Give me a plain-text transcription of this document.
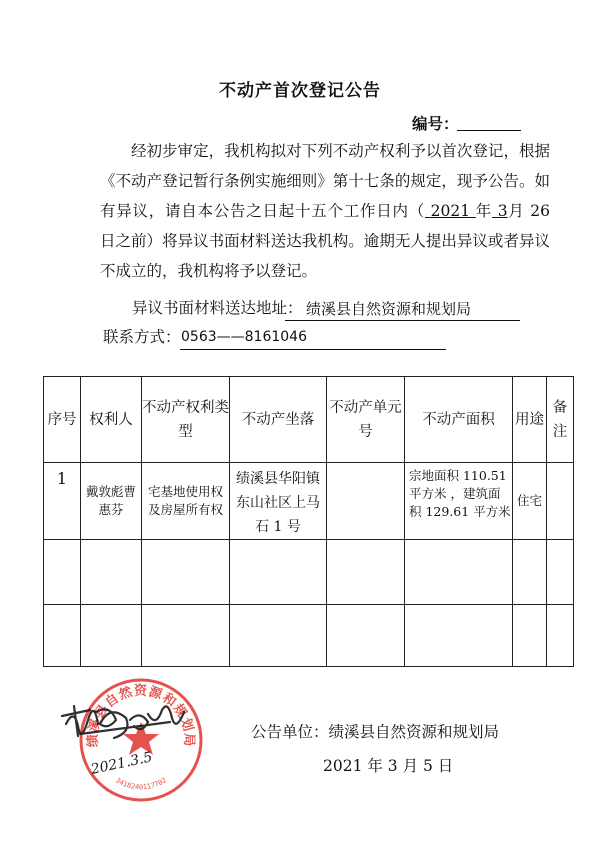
不动产首次登记公告
编号：

经初步审定，我机构拟对下列不动产权利予以首次登记，根据《不动产登记暂行条例实施细则》第十七条的规定，现予公告。如有异议，请自本公告之日起十五个工作日内（ 2021 年 3月 26 日之前）将异议书面材料送达我机构。逾期无人提出异议或者异议不成立的，我机构将予以登记。

异议书面材料送达地址： 绩溪县自然资源和规划局
联系方式： 0563——8161046
序号	权利人	不动产权利类型	不动产坐落	不动产单元号	不动产面积	用途	备注
1	戴敦彪曹惠芬	宅基地使用权及房屋所有权	绩溪县华阳镇东山社区上马石 1 号		宗地面积 110.51 平方米 ，建筑面积 129.61 平方米	住宅	

公告单位：绩溪县自然资源和规划局
2021 年 3 月 5 日
绩溪县自然资源和规划局
3418240117702
2021.3.5
